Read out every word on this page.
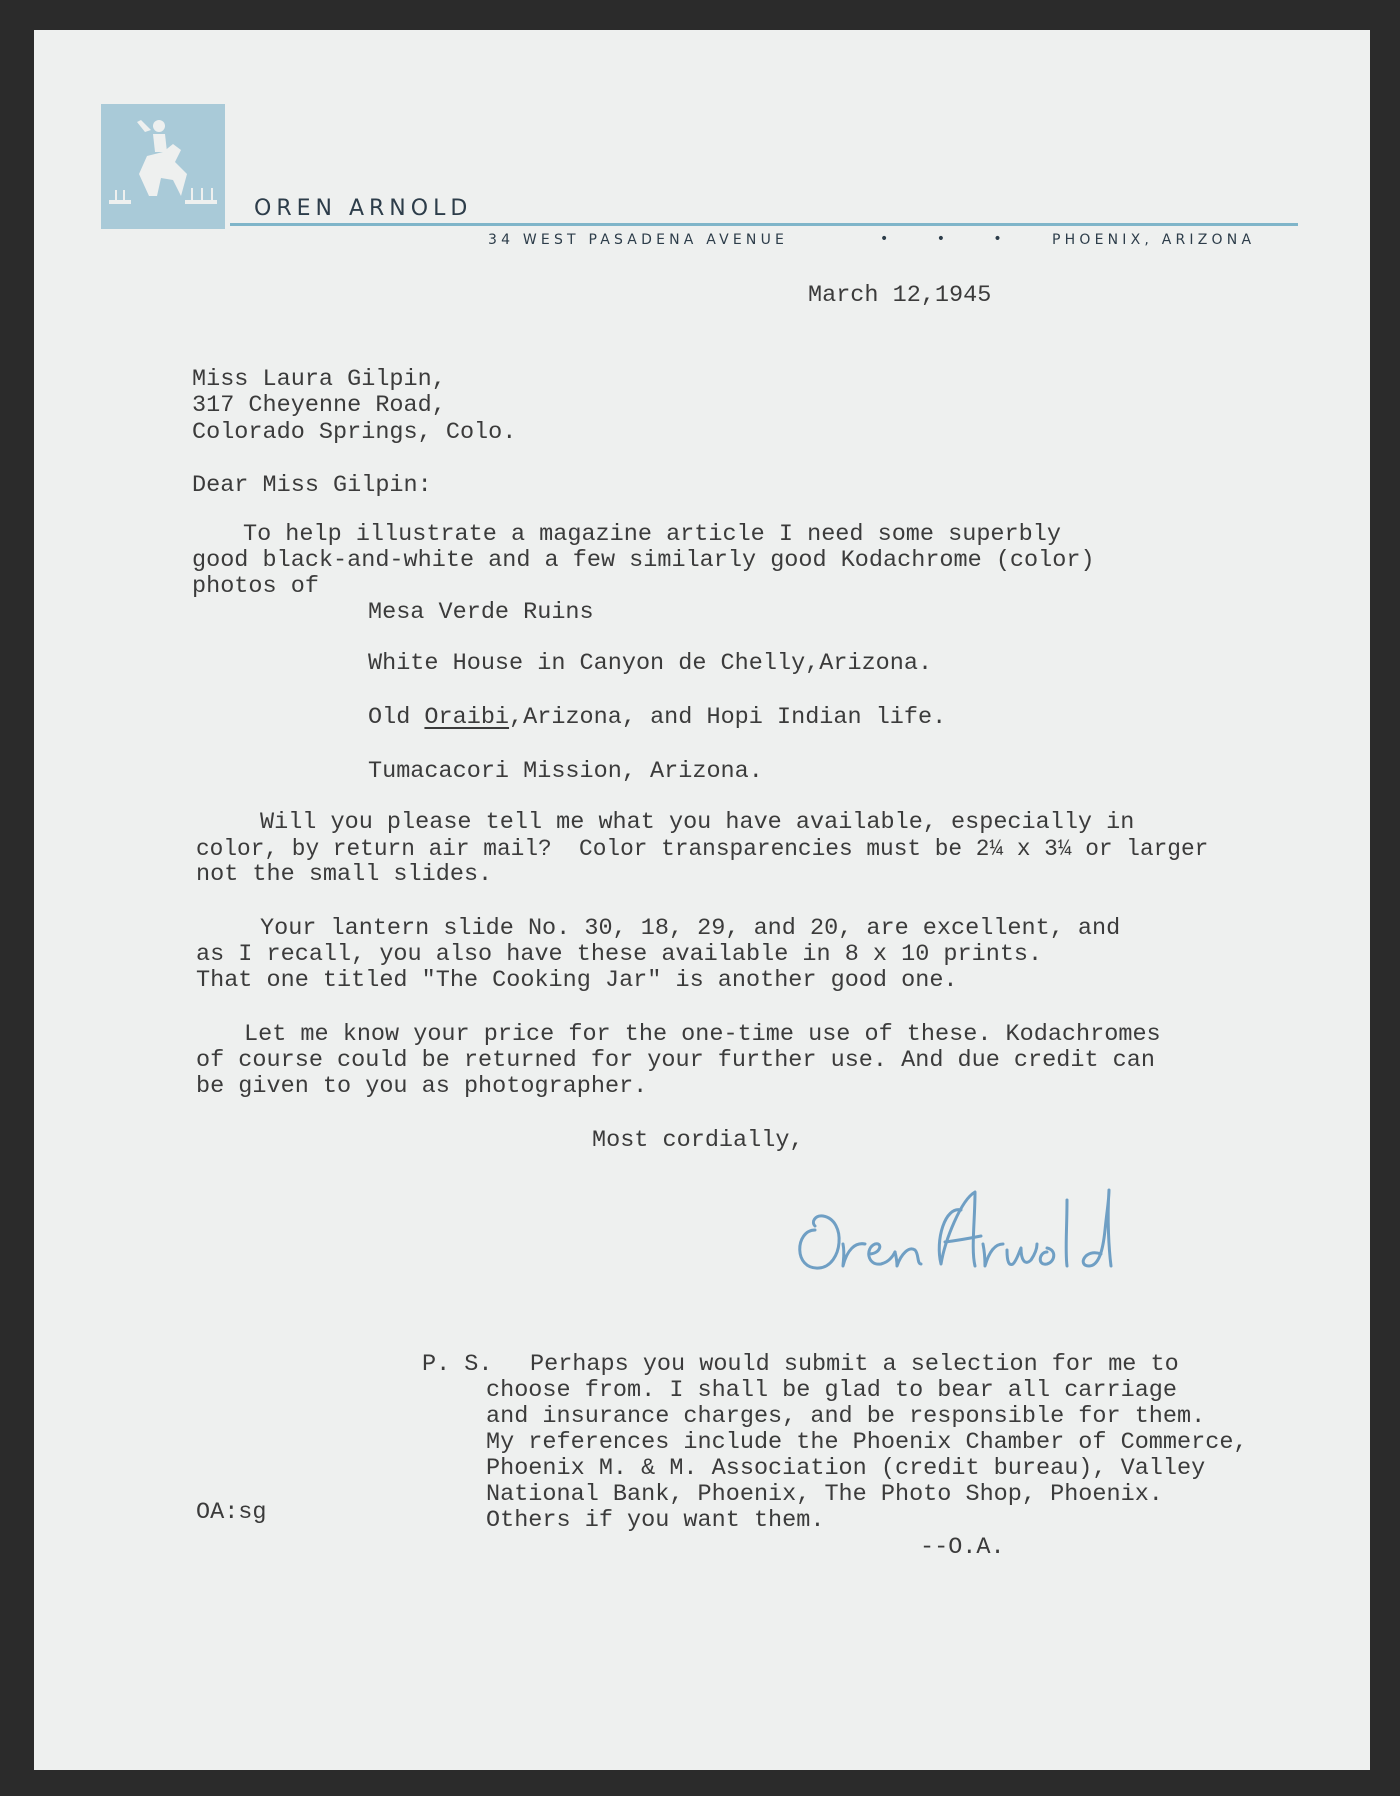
OREN ARNOLD
34 WEST PASADENA AVENUE	• • • PHOENIX, ARIZONA
March 12,1945
Miss Laura Gilpin,
317 Cheyenne Road,
Colorado Springs, Colo.
Dear Miss Gilpin:
To help illustrate a magazine article I need some superbly
good black-and-white and a few similarly good Kodachrome (color)
photos of
Mesa Verde Ruins
White House in Canyon de Chelly,Arizona.
Old Oraibi,Arizona, and Hopi Indian life.
Tumacacori Mission, Arizona.
Will you please tell me what you have available, especially in
color, by return air mail?  Color transparencies must be 2¼ x 3¼ or larger
not the small slides.
Your lantern slide No. 30, 18, 29, and 20, are excellent, and
as I recall, you also have these available in 8 x 10 prints.
That one titled "The Cooking Jar" is another good one.
Let me know your price for the one-time use of these. Kodachromes
of course could be returned for your further use. And due credit can
be given to you as photographer.
Most cordially,
P. S. Perhaps you would submit a selection for me to
choose from. I shall be glad to bear all carriage
and insurance charges, and be responsible for them.
My references include the Phoenix Chamber of Commerce,
Phoenix M. & M. Association (credit bureau), Valley
National Bank, Phoenix, The Photo Shop, Phoenix.
Others if you want them.
--O.A.
OA:sg
